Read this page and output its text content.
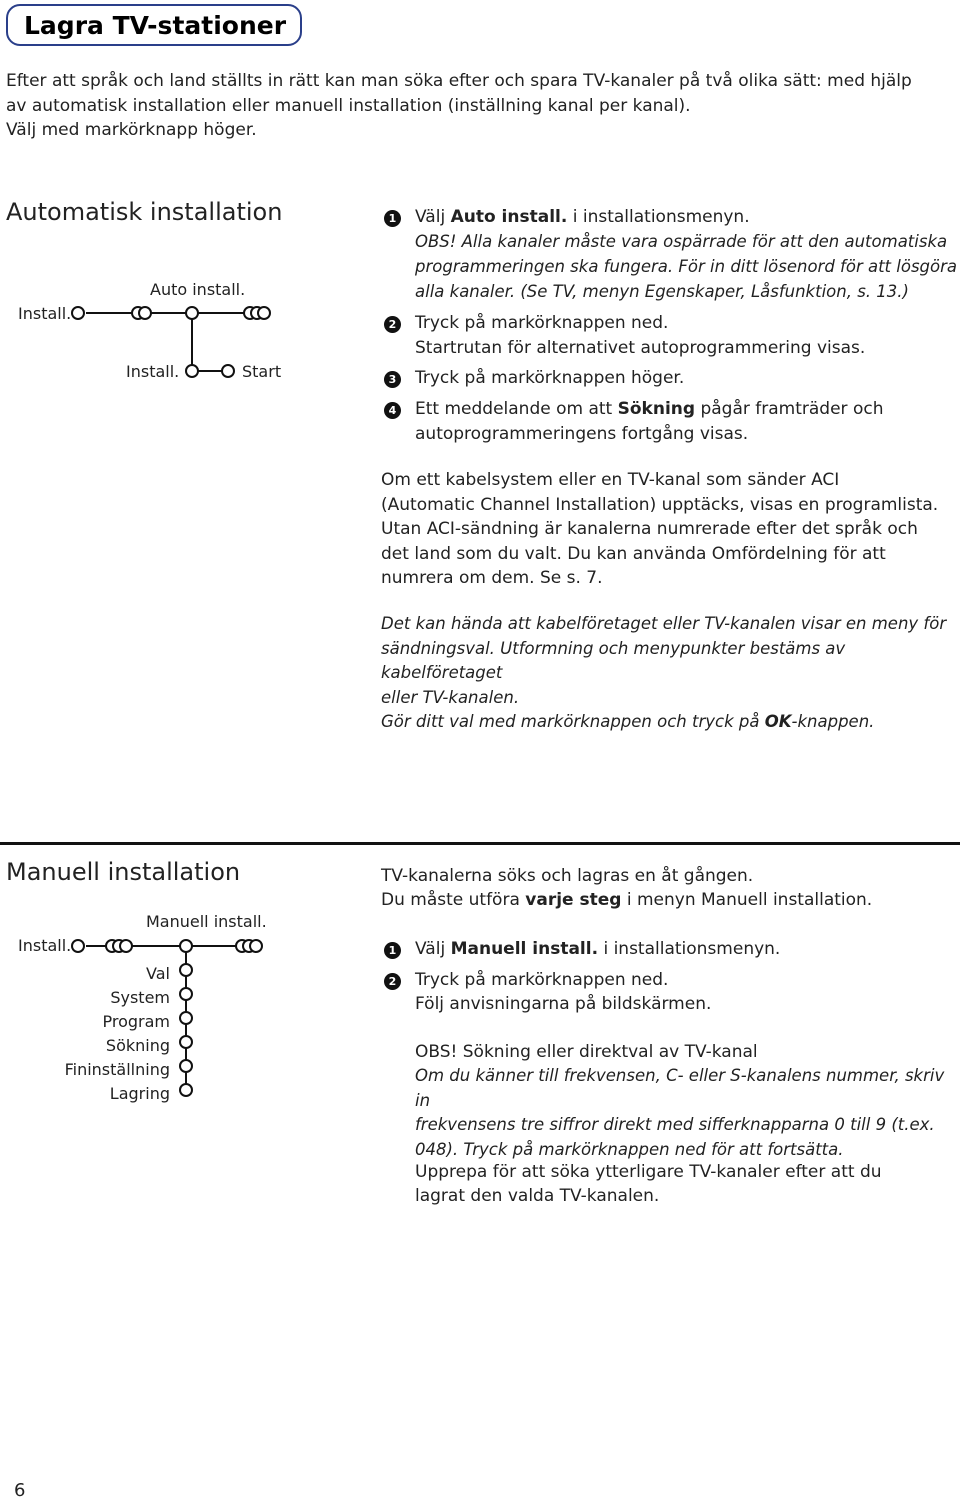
Lagra TV-stationer
Efter att språk och land ställts in rätt kan man söka efter och spara TV-kanaler på två olika sätt: med hjälp
av automatisk installation eller manuell installation (inställning kanal per kanal).
Välj med markörknapp höger.
Automatisk installation
Install.
Auto install.
Install.	Start
1 Välj Auto install. i installationsmenyn.
OBS! Alla kanaler måste vara ospärrade för att den automatiska
programmeringen ska fungera. För in ditt lösenord för att lösgöra
alla kanaler. (Se TV, menyn Egenskaper, Låsfunktion, s. 13.)
2 Tryck på markörknappen ned.
Startrutan för alternativet autoprogrammering visas.
3 Tryck på markörknappen höger.
4 Ett meddelande om att Sökning pågår framträder och
autoprogrammeringens fortgång visas.
Om ett kabelsystem eller en TV-kanal som sänder ACI
(Automatic Channel Installation) upptäcks, visas en programlista.
Utan ACI-sändning är kanalerna numrerade efter det språk och
det land som du valt. Du kan använda Omfördelning för att
numrera om dem. Se s. 7.
Det kan hända att kabelföretaget eller TV-kanalen visar en meny för
sändningsval. Utformning och menypunkter bestäms av kabelföretaget
eller TV-kanalen.
Gör ditt val med markörknappen och tryck på OK-knappen.
Manuell installation
Install.
Manuell install.
Val
System
Program
Sökning
Fininställning
Lagring
TV-kanalerna söks och lagras en åt gången.
Du måste utföra varje steg i menyn Manuell installation.
1 Välj Manuell install. i installationsmenyn.
2 Tryck på markörknappen ned.
Följ anvisningarna på bildskärmen.
OBS! Sökning eller direktval av TV-kanal
Om du känner till frekvensen, C- eller S-kanalens nummer, skriv in
frekvensens tre siffror direkt med sifferknapparna 0 till 9 (t.ex.
048). Tryck på markörknappen ned för att fortsätta.
Upprepa för att söka ytterligare TV-kanaler efter att du
lagrat den valda TV-kanalen.
6
